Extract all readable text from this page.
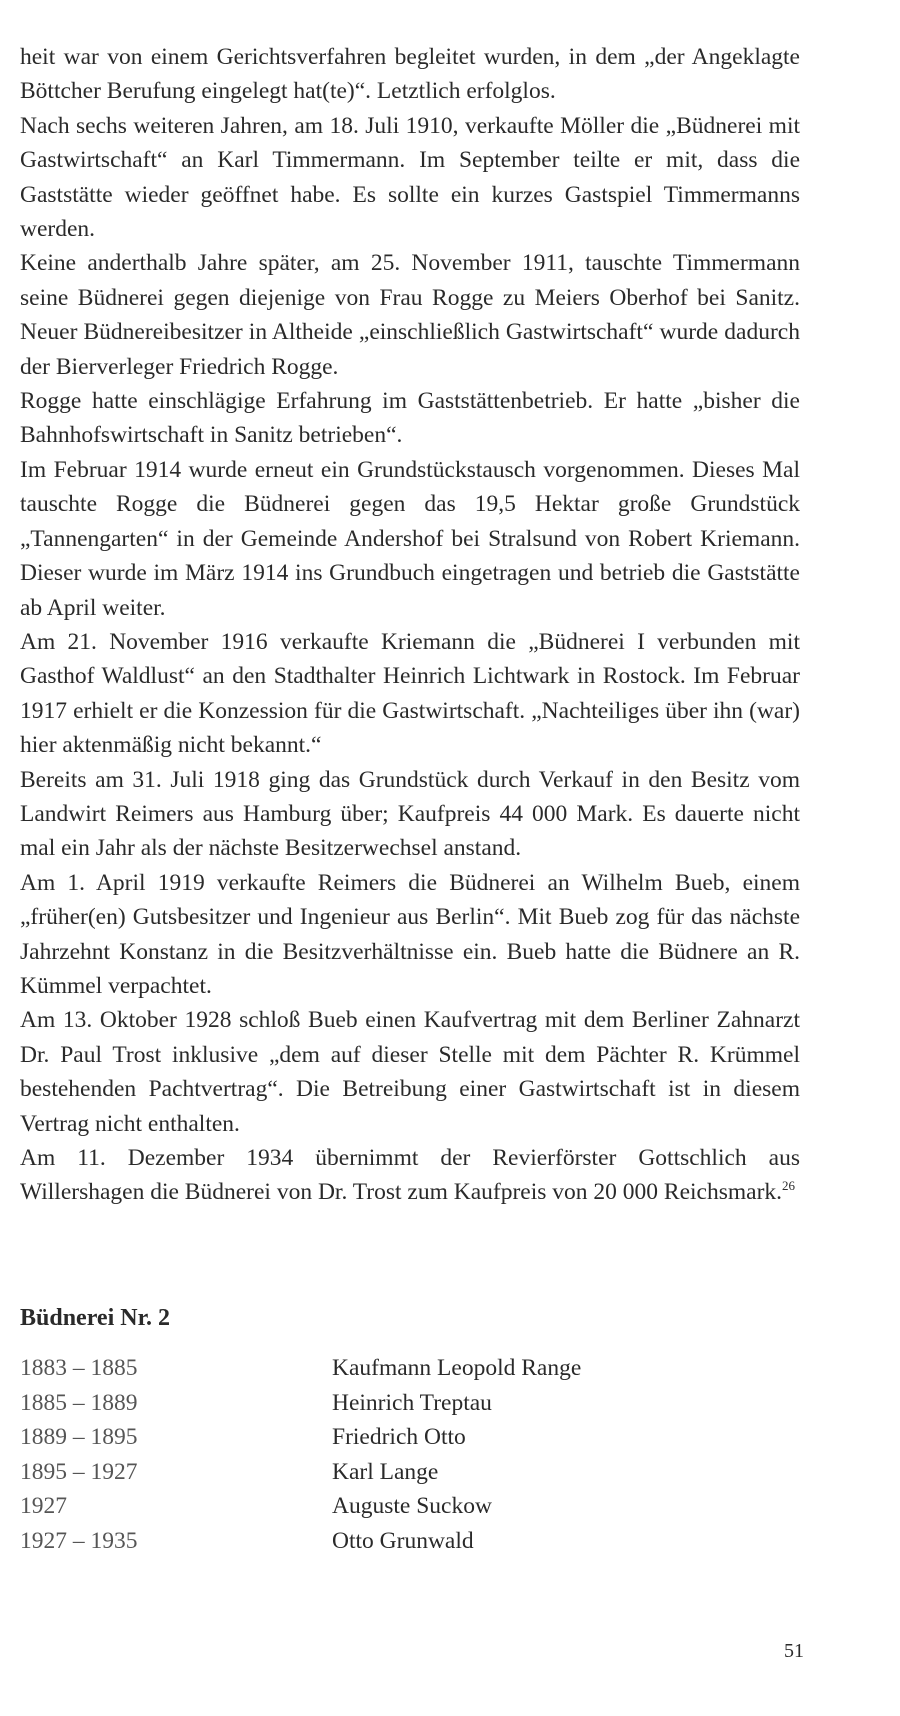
heit war von einem Gerichtsverfahren begleitet wurden, in dem „der Angeklagte Böttcher Berufung eingelegt hat(te)“. Letztlich erfolglos.

Nach sechs weiteren Jahren, am 18. Juli 1910, verkaufte Möller die „Büdnerei mit Gastwirtschaft“ an Karl Timmermann. Im September teilte er mit, dass die Gaststätte wieder geöffnet habe. Es sollte ein kurzes Gastspiel Timmermanns werden.

Keine anderthalb Jahre später, am 25. November 1911, tauschte Timmermann seine Büdnerei gegen diejenige von Frau Rogge zu Meiers Oberhof bei Sanitz. Neuer Büdnereibesitzer in Altheide „einschließlich Gastwirtschaft“ wurde dadurch der Bierverleger Friedrich Rogge.

Rogge hatte einschlägige Erfahrung im Gaststättenbetrieb. Er hatte „bisher die Bahnhofswirtschaft in Sanitz betrieben“.

Im Februar 1914 wurde erneut ein Grundstückstausch vorgenommen. Dieses Mal tauschte Rogge die Büdnerei gegen das 19,5 Hektar große Grundstück „Tannengarten“ in der Gemeinde Andershof bei Stralsund von Robert Kriemann. Dieser wurde im März 1914 ins Grundbuch eingetragen und betrieb die Gaststätte ab April weiter.

Am 21. November 1916 verkaufte Kriemann die „Büdnerei I verbunden mit Gasthof Waldlust“ an den Stadthalter Heinrich Lichtwark in Rostock. Im Februar 1917 erhielt er die Konzession für die Gastwirtschaft. „Nachteiliges über ihn (war) hier aktenmäßig nicht bekannt.“

Bereits am 31. Juli 1918 ging das Grundstück durch Verkauf in den Besitz vom Landwirt Reimers aus Hamburg über; Kaufpreis 44 000 Mark. Es dauerte nicht mal ein Jahr als der nächste Besitzerwechsel anstand.

Am 1. April 1919 verkaufte Reimers die Büdnerei an Wilhelm Bueb, einem „früher(en) Gutsbesitzer und Ingenieur aus Berlin“. Mit Bueb zog für das nächste Jahrzehnt Konstanz in die Besitzverhältnisse ein. Bueb hatte die Büdnere an R. Kümmel verpachtet.

Am 13. Oktober 1928 schloß Bueb einen Kaufvertrag mit dem Berliner Zahnarzt Dr. Paul Trost inklusive „dem auf dieser Stelle mit dem Pächter R. Krümmel bestehenden Pachtvertrag“. Die Betreibung einer Gastwirtschaft ist in diesem Vertrag nicht enthalten.

Am 11. Dezember 1934 übernimmt der Revierförster Gottschlich aus Willershagen die Büdnerei von Dr. Trost zum Kaufpreis von 20 000 Reichsmark.$^{26}$

Büdnerei Nr. 2
1883 – 1885	Kaufmann Leopold Range
1885 – 1889	Heinrich Treptau
1889 – 1895	Friedrich Otto
1895 – 1927	Karl Lange
1927	Auguste Suckow
1927 – 1935	Otto Grunwald
51
